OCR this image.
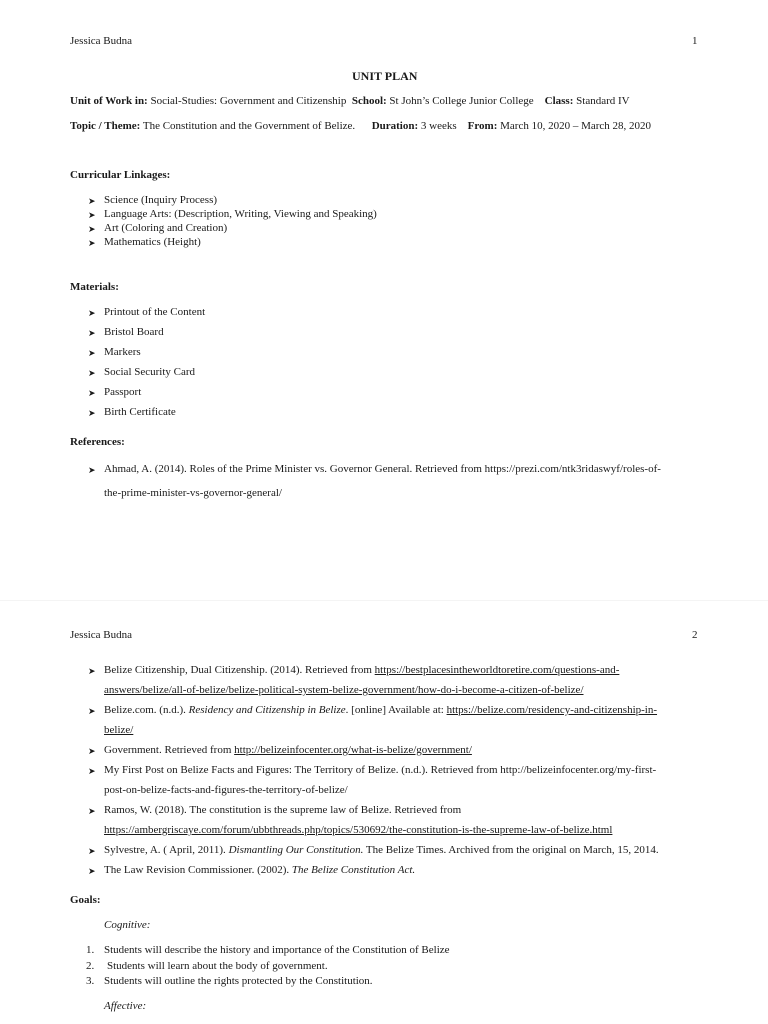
Jessica Budna	1
UNIT PLAN
Unit of Work in: Social-Studies: Government and Citizenship School: St John’s College Junior College Class: Standard IV
Topic / Theme: The Constitution and the Government of Belize. Duration: 3 weeks From: March 10, 2020 – March 28, 2020
Curricular Linkages:
➤ Science (Inquiry Process)
➤ Language Arts: (Description, Writing, Viewing and Speaking)
➤ Art (Coloring and Creation)
➤ Mathematics (Height)
Materials:
➤ Printout of the Content
➤ Bristol Board
➤ Markers
➤ Social Security Card
➤ Passport
➤ Birth Certificate
References:
➤ Ahmad, A. (2014). Roles of the Prime Minister vs. Governor General. Retrieved from https://prezi.com/ntk3ridaswyf/roles-of-
the-prime-minister-vs-governor-general/
Jessica Budna	2
➤ Belize Citizenship, Dual Citizenship. (2014). Retrieved from https://bestplacesintheworldtoretire.com/questions-and-
answers/belize/all-of-belize/belize-political-system-belize-government/how-do-i-become-a-citizen-of-belize/
➤ Belize.com. (n.d.). Residency and Citizenship in Belize. [online] Available at: https://belize.com/residency-and-citizenship-in-
belize/
➤ Government. Retrieved from http://belizeinfocenter.org/what-is-belize/government/
➤ My First Post on Belize Facts and Figures: The Territory of Belize. (n.d.). Retrieved from http://belizeinfocenter.org/my-first-
post-on-belize-facts-and-figures-the-territory-of-belize/
➤ Ramos, W. (2018). The constitution is the supreme law of Belize. Retrieved from
https://ambergriscaye.com/forum/ubbthreads.php/topics/530692/the-constitution-is-the-supreme-law-of-belize.html
➤ Sylvestre, A. ( April, 2011). Dismantling Our Constitution. The Belize Times. Archived from the original on March, 15, 2014.
➤ The Law Revision Commissioner. (2002). The Belize Constitution Act.
Goals:
Cognitive:
1. Students will describe the history and importance of the Constitution of Belize
2. Students will learn about the body of government.
3. Students will outline the rights protected by the Constitution.
Affective:
